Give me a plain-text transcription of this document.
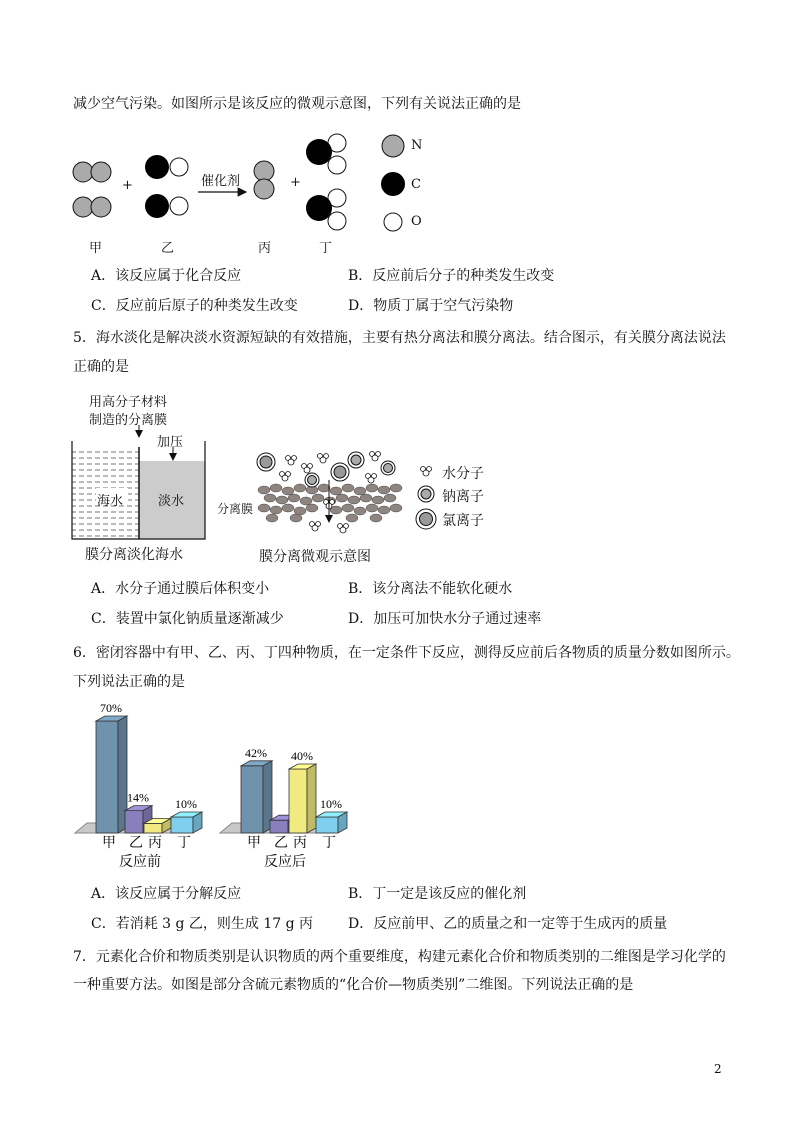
减少空气污染。如图所示是该反应的微观示意图，下列有关说法正确的是
+	+
催化剂
N
C
O
甲	乙	丙	丁
A．该反应属于化合反应	B．反应前后分子的种类发生改变
C．反应前后原子的种类发生改变	D．物质丁属于空气污染物
5．海水淡化是解决淡水资源短缺的有效措施，主要有热分离法和膜分离法。结合图示，有关膜分离法说法
正确的是
用高分子材料
制造的分离膜
加压
海水	淡水
膜分离淡化海水
分离膜
膜分离微观示意图
水分子
钠离子
氯离子
A．水分子通过膜后体积变小	B．该分离法不能软化硬水
C．装置中氯化钠质量逐渐减少	D．加压可加快水分子通过速率
6．密闭容器中有甲、乙、丙、丁四种物质，在一定条件下反应，测得反应前后各物质的质量分数如图所示。
下列说法正确的是
70%
甲
14%
乙 丙
10%
丁
反应前
42%
甲 乙
40%
丙
10%
丁
反应后
A．该反应属于分解反应	B．丁一定是该反应的催化剂
C．若消耗 3 g 乙，则生成 17 g 丙 D．反应前甲、乙的质量之和一定等于生成丙的质量
7．元素化合价和物质类别是认识物质的两个重要维度，构建元素化合价和物质类别的二维图是学习化学的
一种重要方法。如图是部分含硫元素物质的“化合价—物质类别”二维图。下列说法正确的是
2
